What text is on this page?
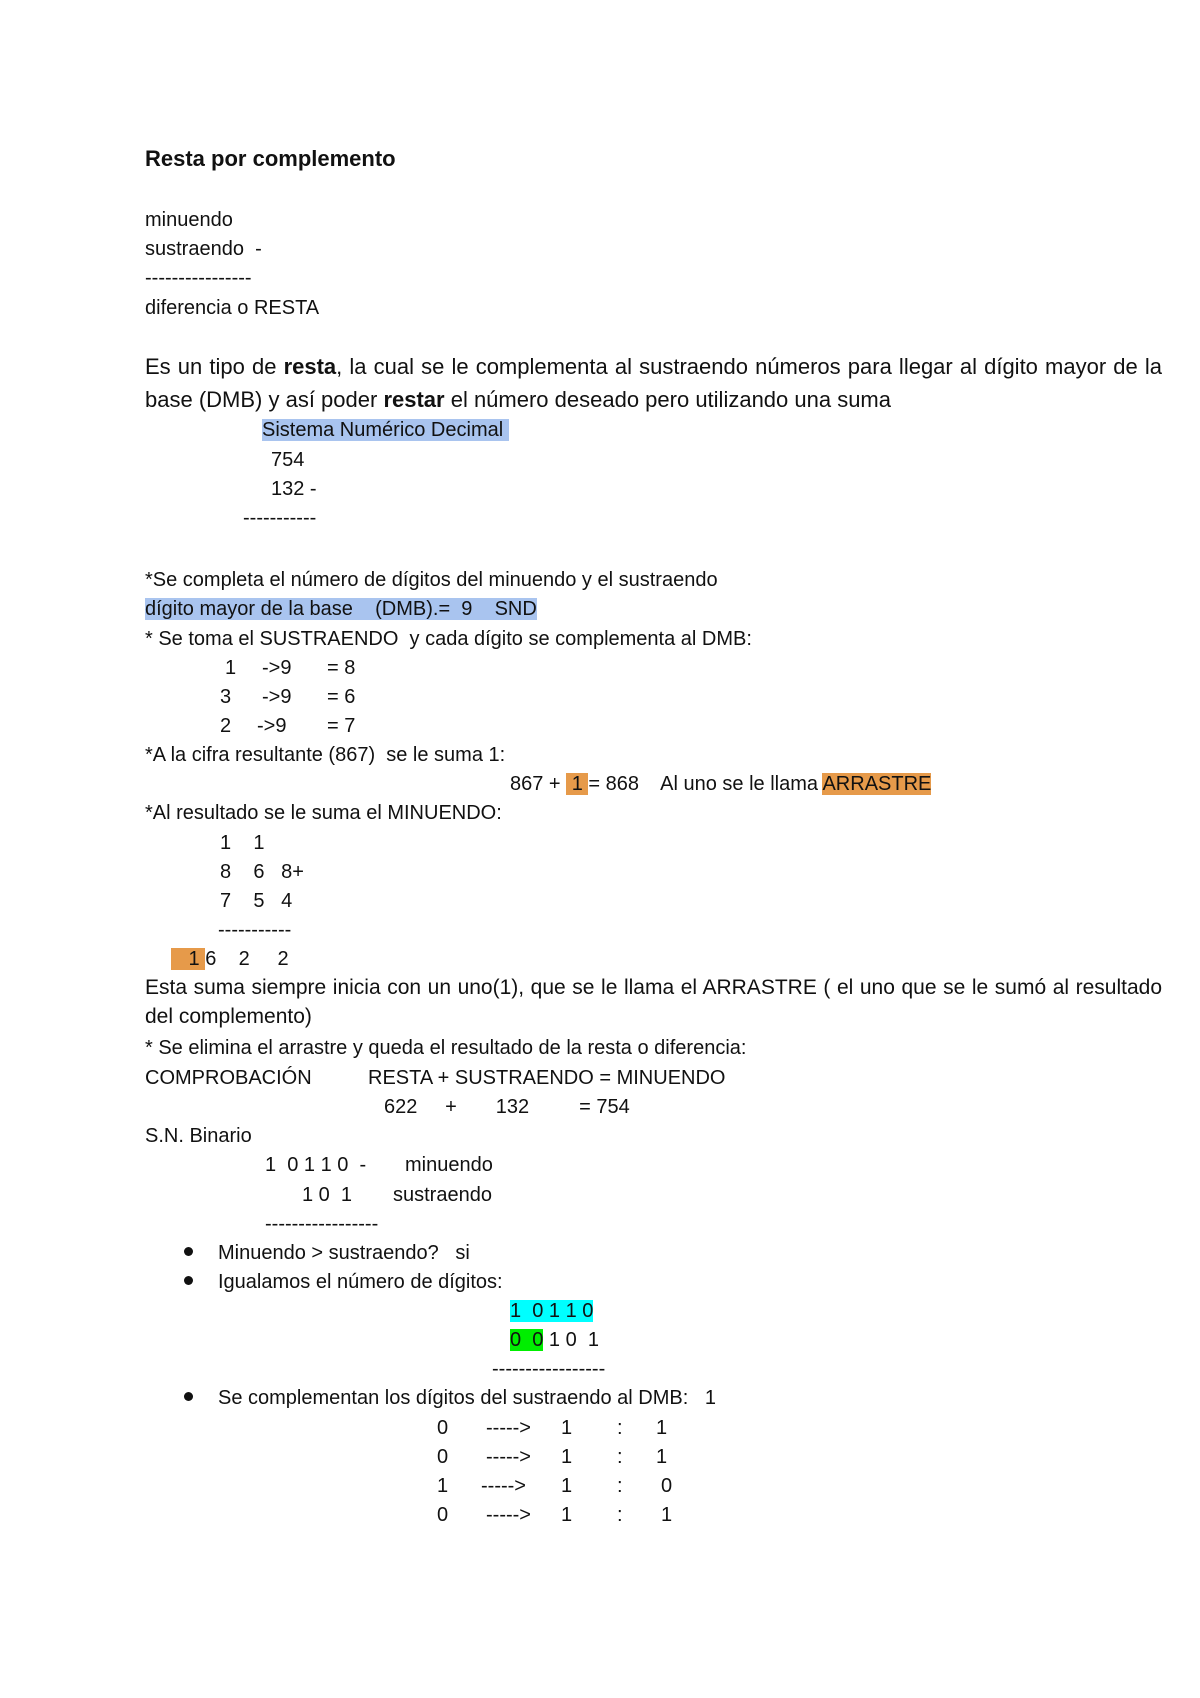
Resta por complemento
minuendo
sustraendo  -
----------------
diferencia o RESTA
Es un tipo de resta, la cual se le complementa al sustraendo números para llegar al dígito mayor de la base (DMB) y así poder restar el número deseado pero utilizando una suma
Sistema Numérico Decimal
754
132 -
-----------
*Se completa el número de dígitos del minuendo y el sustraendo
dígito mayor de la base    (DMB).=  9    SND
* Se toma el SUSTRAENDO  y cada dígito se complementa al DMB:
1 ->9 = 8
3 ->9 = 6
2 ->9 = 7
*A la cifra resultante (867)  se le suma 1:
867 +  1 = 868    Al uno se le llama ARRASTRE
*Al resultado se le suma el MINUENDO:
1    1
8    6   8+
7    5   4
-----------
1 6    2     2
Esta suma siempre inicia con un uno(1), que se le llama el ARRASTRE ( el uno que se le sumó al resultado del complemento)
* Se elimina el arrastre y queda el resultado de la resta o diferencia:
COMPROBACIÓN	RESTA + SUSTRAENDO = MINUENDO
622     +       132         = 754
S.N. Binario
1  0 1 1 0  - minuendo
1 0  1 sustraendo
-----------------
Minuendo > sustraendo?   si
Igualamos el número de dígitos:
1  0 1 1 0
0  0 1 0  1
-----------------
Se complementan los dígitos del sustraendo al DMB:   1
0 -----> 1 : 1
0 -----> 1 : 1
1 -----> 1 : 0
0 -----> 1 : 1
